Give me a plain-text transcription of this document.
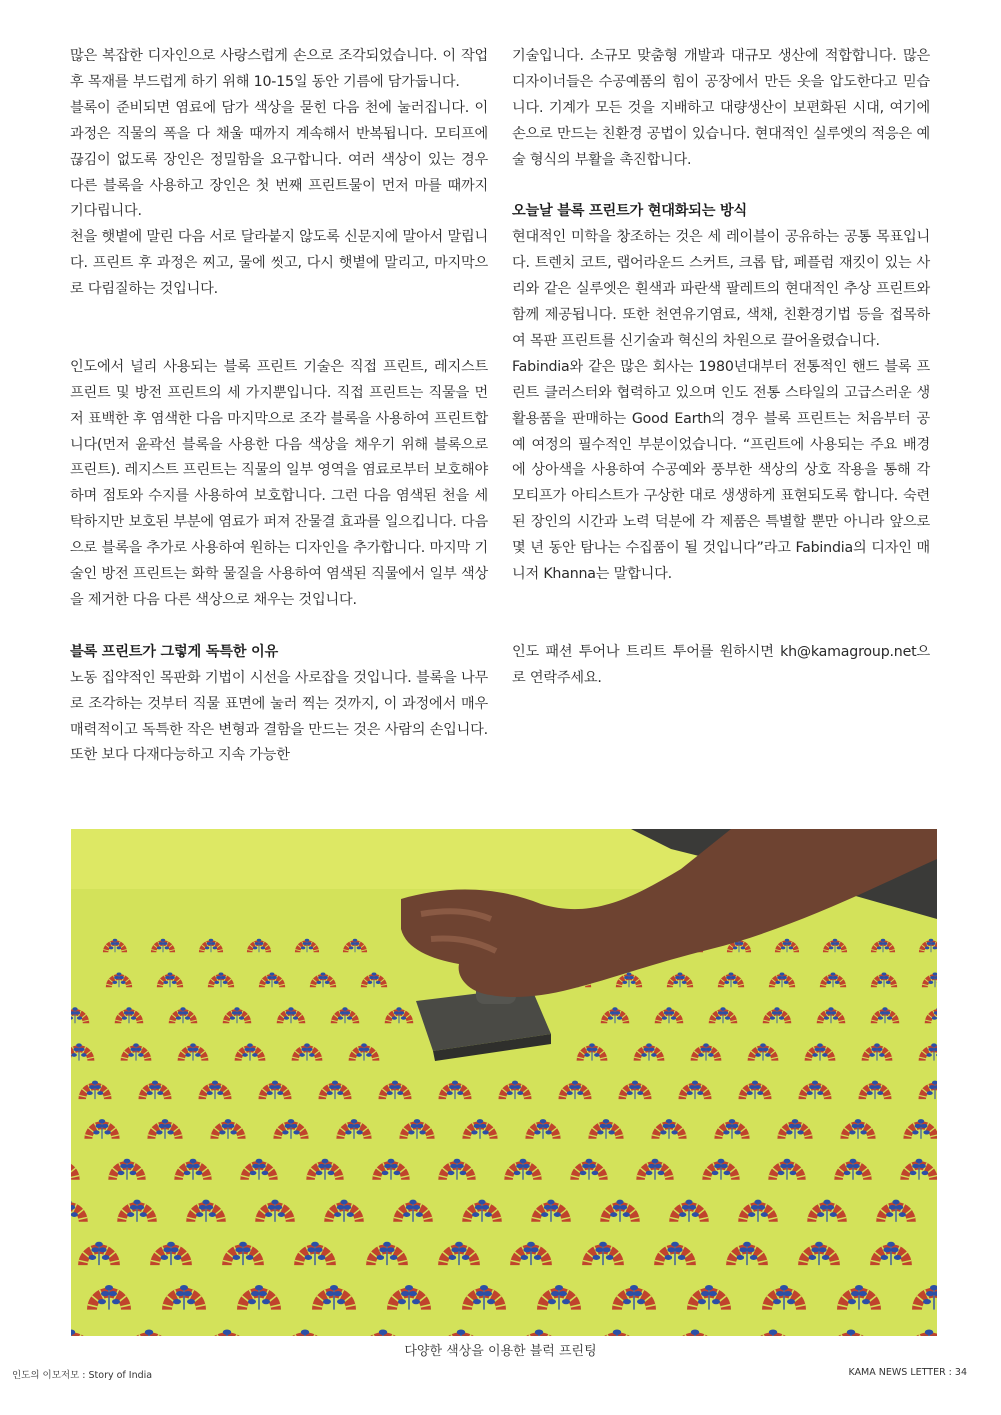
많은 복잡한 디자인으로 사랑스럽게 손으로 조각되었습니다. 이 작업 후 목재를 부드럽게 하기 위해 10-15일 동안 기름에 담가둡니다.

블록이 준비되면 염료에 담가 색상을 묻힌 다음 천에 눌러집니다. 이 과정은 직물의 폭을 다 채울 때까지 계속해서 반복됩니다. 모티프에 끊김이 없도록 장인은 정밀함을 요구합니다. 여러 색상이 있는 경우 다른 블록을 사용하고 장인은 첫 번째 프린트물이 먼저 마를 때까지 기다립니다.

천을 햇볕에 말린 다음 서로 달라붙지 않도록 신문지에 말아서 말립니다. 프린트 후 과정은 찌고, 물에 씻고, 다시 햇볕에 말리고, 마지막으로 다림질하는 것입니다.

인도에서 널리 사용되는 블록 프린트 기술은 직접 프린트, 레지스트 프린트 및 방전 프린트의 세 가지뿐입니다. 직접 프린트는 직물을 먼저 표백한 후 염색한 다음 마지막으로 조각 블록을 사용하여 프린트합니다(먼저 윤곽선 블록을 사용한 다음 색상을 채우기 위해 블록으로 프린트). 레지스트 프린트는 직물의 일부 영역을 염료로부터 보호해야 하며 점토와 수지를 사용하여 보호합니다. 그런 다음 염색된 천을 세탁하지만 보호된 부분에 염료가 퍼져 잔물결 효과를 일으킵니다. 다음으로 블록을 추가로 사용하여 원하는 디자인을 추가합니다. 마지막 기술인 방전 프린트는 화학 물질을 사용하여 염색된 직물에서 일부 색상을 제거한 다음 다른 색상으로 채우는 것입니다.

블록 프린트가 그렇게 독특한 이유

노동 집약적인 목판화 기법이 시선을 사로잡을 것입니다. 블록을 나무로 조각하는 것부터 직물 표면에 눌러 찍는 것까지, 이 과정에서 매우 매력적이고 독특한 작은 변형과 결함을 만드는 것은 사람의 손입니다. 또한 보다 다재다능하고 지속 가능한

기술입니다. 소규모 맞춤형 개발과 대규모 생산에 적합합니다. 많은 디자이너들은 수공예품의 힘이 공장에서 만든 옷을 압도한다고 믿습니다. 기계가 모든 것을 지배하고 대량생산이 보편화된 시대, 여기에 손으로 만드는 친환경 공법이 있습니다. 현대적인 실루엣의 적응은 예술 형식의 부활을 촉진합니다.

오늘날 블록 프린트가 현대화되는 방식

현대적인 미학을 창조하는 것은 세 레이블이 공유하는 공통 목표입니다. 트렌치 코트, 랩어라운드 스커트, 크롭 탑, 페플럼 재킷이 있는 사리와 같은 실루엣은 흰색과 파란색 팔레트의 현대적인 추상 프린트와 함께 제공됩니다. 또한 천연유기염료, 색채, 친환경기법 등을 접목하여 목판 프린트를 신기술과 혁신의 차원으로 끌어올렸습니다.

Fabindia와 같은 많은 회사는 1980년대부터 전통적인 핸드 블록 프린트 클러스터와 협력하고 있으며 인도 전통 스타일의 고급스러운 생활용품을 판매하는 Good Earth의 경우 블록 프린트는 처음부터 공예 여정의 필수적인 부분이었습니다. “프린트에 사용되는 주요 배경에 상아색을 사용하여 수공예와 풍부한 색상의 상호 작용을 통해 각 모티프가 아티스트가 구상한 대로 생생하게 표현되도록 합니다. 숙련된 장인의 시간과 노력 덕분에 각 제품은 특별할 뿐만 아니라 앞으로 몇 년 동안 탐나는 수집품이 될 것입니다”라고 Fabindia의 디자인 매니저 Khanna는 말합니다.

인도 패션 투어나 트리트 투어를 원하시면 kh@kamagroup.net으로 연락주세요.

다양한 색상을 이용한 블럭 프린팅
인도의 이모저모 : Story of India	KAMA NEWS LETTER : 34
